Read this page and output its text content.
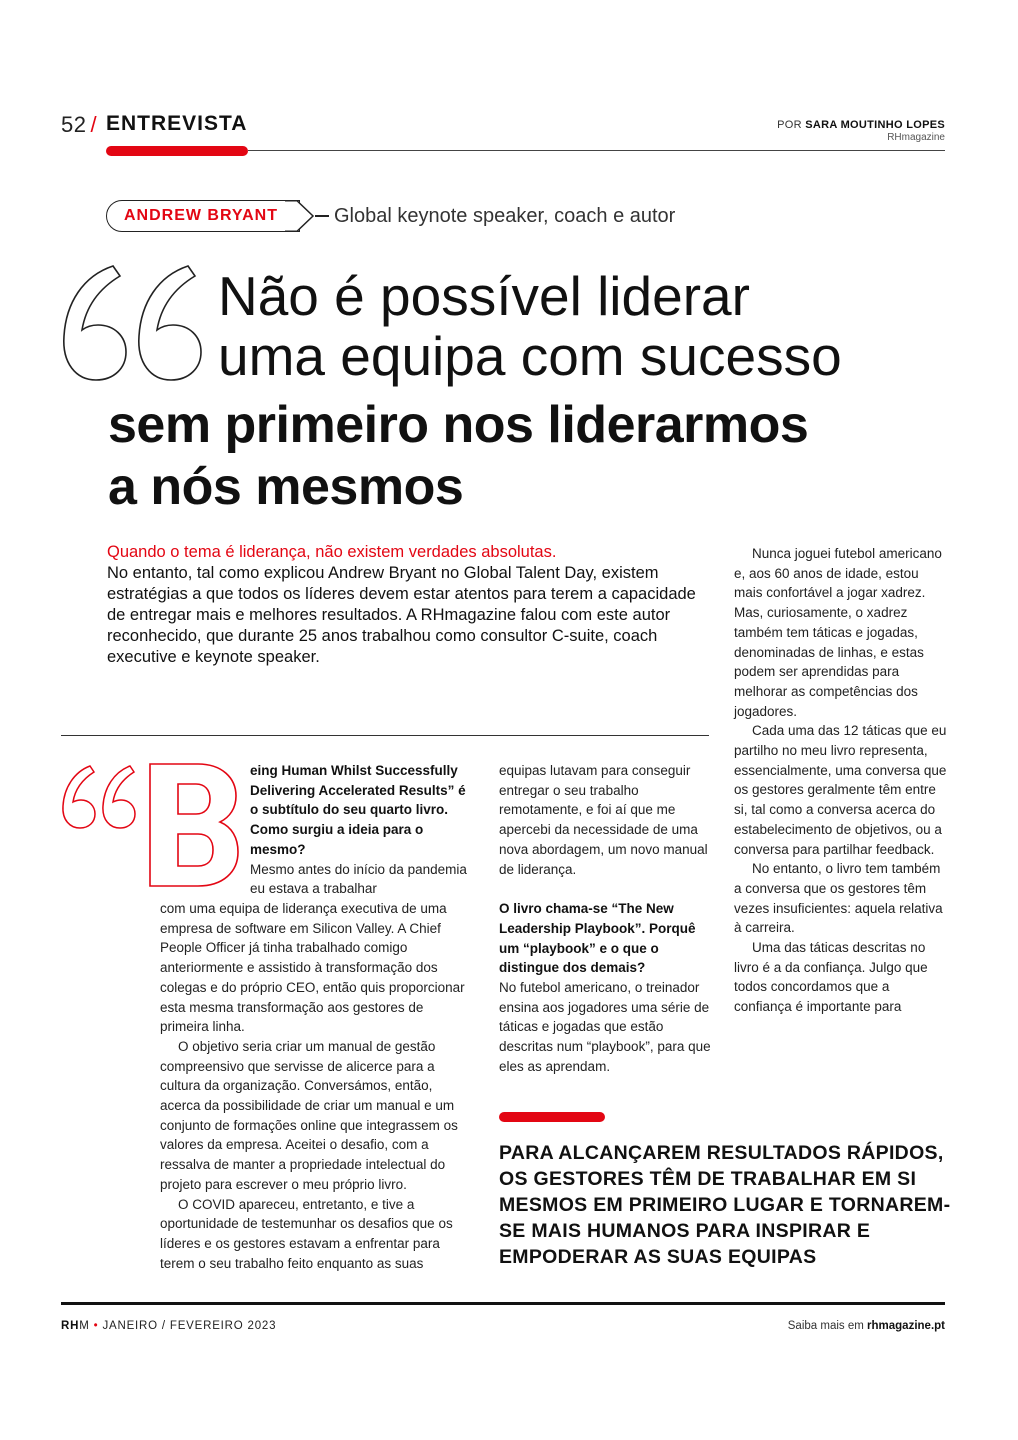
52 / ENTREVISTA	POR SARA MOUTINHO LOPES
RHmagazine
ANDREW BRYANT	Global keynote speaker, coach e autor
Não é possível liderar
uma equipa com sucesso
sem primeiro nos liderarmos
a nós mesmos
Quando o tema é liderança, não existem verdades absolutas.
No entanto, tal como explicou Andrew Bryant no Global Talent Day, existem estratégias a que todos os líderes devem estar atentos para terem a capacidade de entregar mais e melhores resultados. A RHmagazine falou com este autor reconhecido, que durante 25 anos trabalhou como consultor C-suite, coach executive e keynote speaker.

eing Human Whilst Successfully Delivering Accelerated Results” é o subtítulo do seu quarto livro. Como surgiu a ideia para o mesmo?

Mesmo antes do início da pandemia eu estava a trabalhar

com uma equipa de liderança executiva de uma empresa de software em Silicon Valley. A Chief People Officer já tinha trabalhado comigo anteriormente e assistido à transformação dos colegas e do próprio CEO, então quis proporcionar esta mesma transformação aos gestores de primeira linha.

O objetivo seria criar um manual de gestão compreensivo que servisse de alicerce para a cultura da organização. Conversámos, então, acerca da possibilidade de criar um manual e um conjunto de formações online que integrassem os valores da empresa. Aceitei o desafio, com a ressalva de manter a propriedade intelectual do projeto para escrever o meu próprio livro.

O COVID apareceu, entretanto, e tive a oportunidade de testemunhar os desafios que os líderes e os gestores estavam a enfrentar para terem o seu trabalho feito enquanto as suas

equipas lutavam para conseguir entregar o seu trabalho remotamente, e foi aí que me apercebi da necessidade de uma nova abordagem, um novo manual de liderança.

O livro chama-se “The New Leadership Playbook”. Porquê um “playbook” e o que o distingue dos demais?

No futebol americano, o treinador ensina aos jogadores uma série de táticas e jogadas que estão descritas num “playbook”, para que eles as aprendam.

Nunca joguei futebol americano e, aos 60 anos de idade, estou mais confortável a jogar xadrez. Mas, curiosamente, o xadrez também tem táticas e jogadas, denominadas de linhas, e estas podem ser aprendidas para melhorar as competências dos jogadores.

Cada uma das 12 táticas que eu partilho no meu livro representa, essencialmente, uma conversa que os gestores geralmente têm entre si, tal como a conversa acerca do estabelecimento de objetivos, ou a conversa para partilhar feedback.

No entanto, o livro tem também a conversa que os gestores têm vezes insuficientes: aquela relativa à carreira.

Uma das táticas descritas no livro é a da confiança. Julgo que todos concordamos que a confiança é importante para

PARA ALCANÇAREM RESULTADOS RÁPIDOS, OS GESTORES TÊM DE TRABALHAR EM SI MESMOS EM PRIMEIRO LUGAR E TORNAREM-SE MAIS HUMANOS PARA INSPIRAR E EMPODERAR AS SUAS EQUIPAS
RHM • JANEIRO / FEVEREIRO 2023	Saiba mais em rhmagazine.pt
